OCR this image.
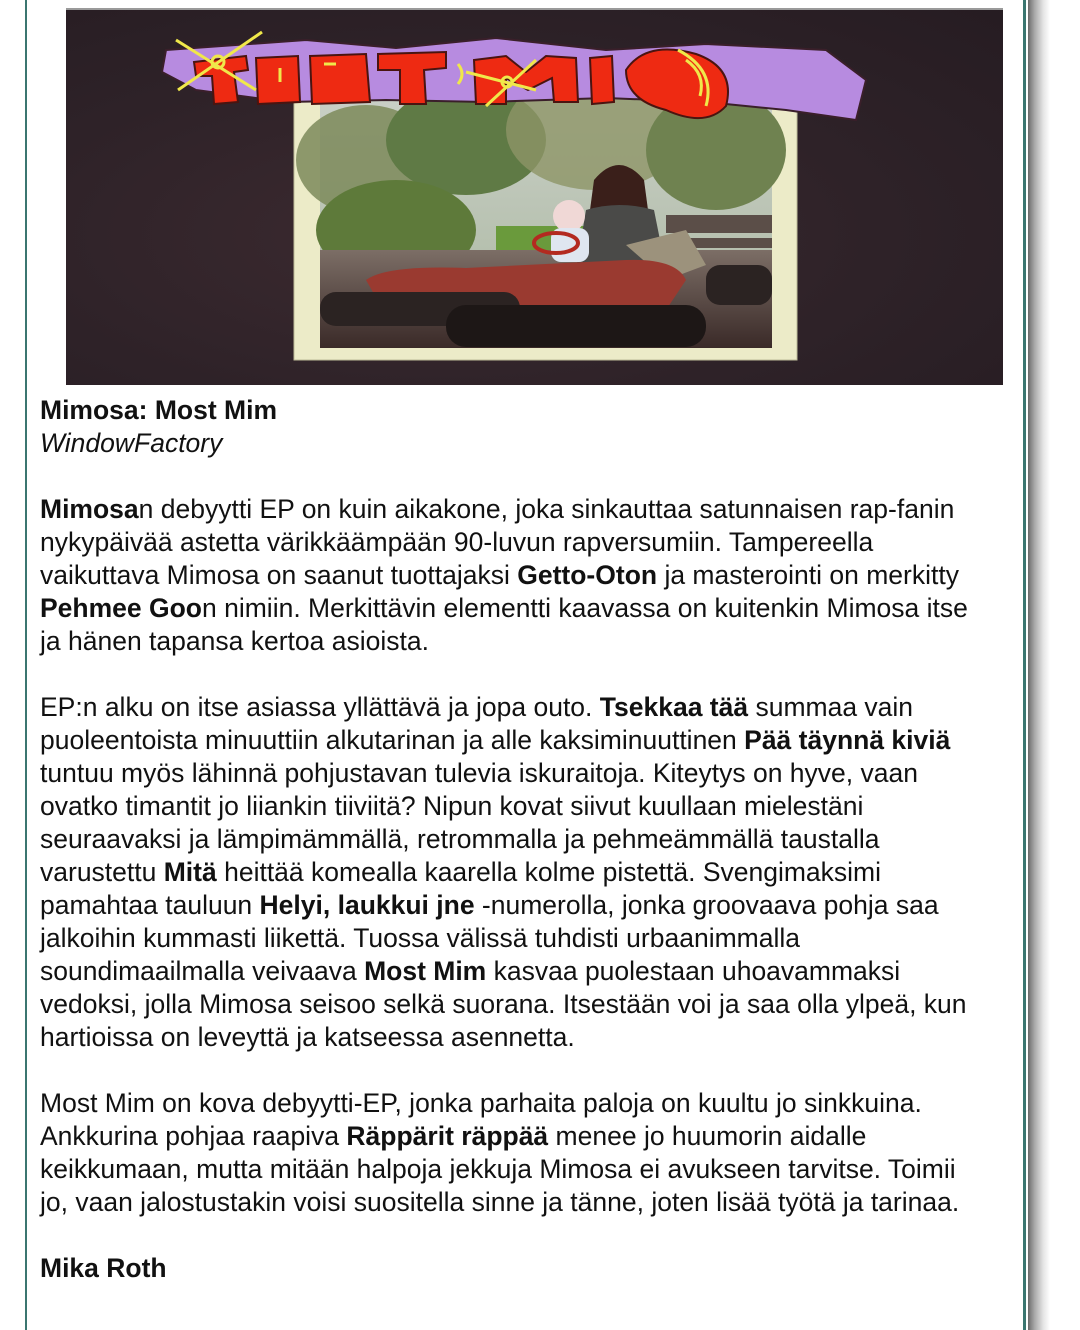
Mimosa: Most Mim

WindowFactory

Mimosan debyytti EP on kuin aikakone, joka sinkauttaa satunnaisen rap-fanin
nykypäivää astetta värikkäämpään 90-luvun rapversumiin. Tampereella
vaikuttava Mimosa on saanut tuottajaksi Getto-Oton ja masterointi on merkitty
Pehmee Goon nimiin. Merkittävin elementti kaavassa on kuitenkin Mimosa itse
ja hänen tapansa kertoa asioista.

EP:n alku on itse asiassa yllättävä ja jopa outo. Tsekkaa tää summaa vain
puoleentoista minuuttiin alkutarinan ja alle kaksiminuuttinen Pää täynnä kiviä
tuntuu myös lähinnä pohjustavan tulevia iskuraitoja. Kiteytys on hyve, vaan
ovatko timantit jo liiankin tiiviitä? Nipun kovat siivut kuullaan mielestäni
seuraavaksi ja lämpimämmällä, retrommalla ja pehmeämmällä taustalla
varustettu Mitä heittää komealla kaarella kolme pistettä. Svengimaksimi
pamahtaa tauluun Helyi, laukkui jne -numerolla, jonka groovaava pohja saa
jalkoihin kummasti liikettä. Tuossa välissä tuhdisti urbaanimmalla
soundimaailmalla veivaava Most Mim kasvaa puolestaan uhoavammaksi
vedoksi, jolla Mimosa seisoo selkä suorana. Itsestään voi ja saa olla ylpeä, kun
hartioissa on leveyttä ja katseessa asennetta.

Most Mim on kova debyytti-EP, jonka parhaita paloja on kuultu jo sinkkuina.
Ankkurina pohjaa raapiva Räppärit räppää menee jo huumorin aidalle
keikkumaan, mutta mitään halpoja jekkuja Mimosa ei avukseen tarvitse. Toimii
jo, vaan jalostustakin voisi suositella sinne ja tänne, joten lisää työtä ja tarinaa.

Mika Roth
